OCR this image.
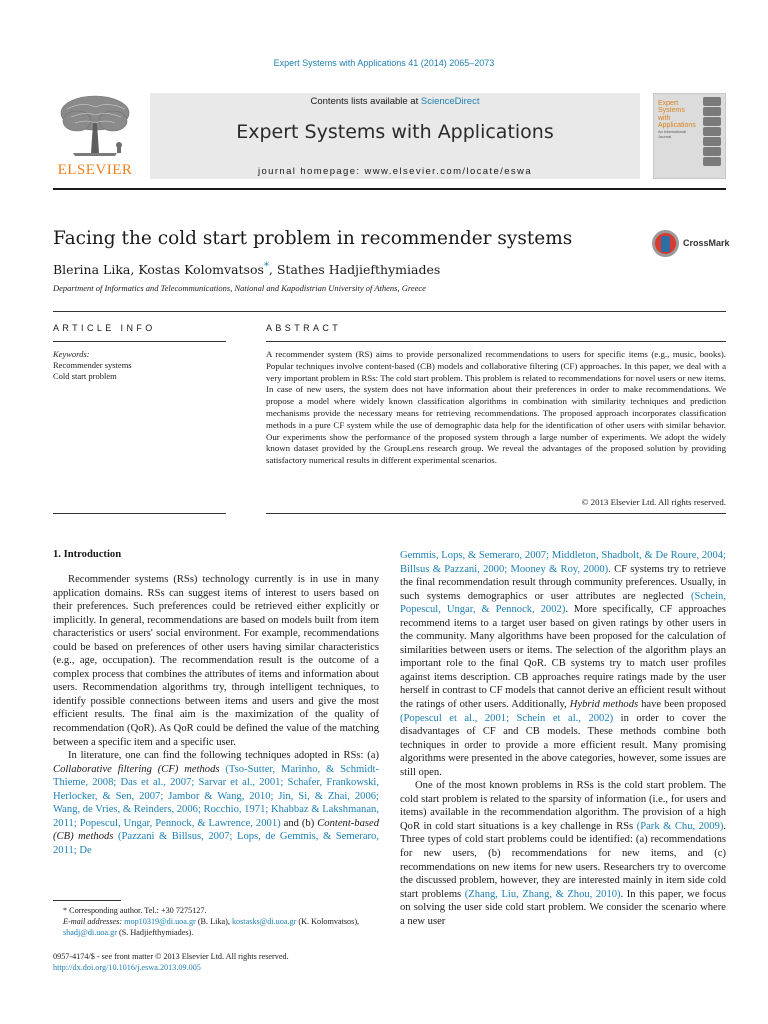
Expert Systems with Applications 41 (2014) 2065–2073
ELSEVIER
Contents lists available at ScienceDirect
Expert Systems with Applications
journal homepage: www.elsevier.com/locate/eswa
Expert Systems with Applications
An International Journal
Facing the cold start problem in recommender systems	CrossMark
Blerina Lika, Kostas Kolomvatsos*, Stathes Hadjiefthymiades
Department of Informatics and Telecommunications, National and Kapodistrian University of Athens, Greece
ARTICLE INFO	ABSTRACT
Keywords:
Recommender systems
Cold start problem
A recommender system (RS) aims to provide personalized recommendations to users for specific items (e.g., music, books). Popular techniques involve content-based (CB) models and collaborative filtering (CF) approaches. In this paper, we deal with a very important problem in RSs: The cold start problem. This problem is related to recommendations for novel users or new items. In case of new users, the system does not have information about their preferences in order to make recommendations. We propose a model where widely known classification algorithms in combination with similarity techniques and prediction mechanisms provide the necessary means for retrieving recommendations. The proposed approach incorporates classification methods in a pure CF system while the use of demographic data help for the identification of other users with similar behavior. Our experiments show the performance of the proposed system through a large number of experiments. We adopt the widely known dataset provided by the GroupLens research group. We reveal the advantages of the proposed solution by providing satisfactory numerical results in different experimental scenarios.
© 2013 Elsevier Ltd. All rights reserved.
1. Introduction

Recommender systems (RSs) technology currently is in use in many application domains. RSs can suggest items of interest to users based on their preferences. Such preferences could be retrieved either explicitly or implicitly. In general, recommendations are based on models built from item characteristics or users' social environment. For example, recommendations could be based on preferences of other users having similar characteristics (e.g., age, occupation). The recommendation result is the outcome of a complex process that combines the attributes of items and information about users. Recommendation algorithms try, through intelligent techniques, to identify possible connections between items and users and give the most efficient results. The final aim is the maximization of the quality of recommendation (QoR). As QoR could be defined the value of the matching between a specific item and a specific user.

In literature, one can find the following techniques adopted in RSs: (a) Collaborative filtering (CF) methods (Tso-Sutter, Marinho, & Schmidt-Thieme, 2008; Das et al., 2007; Sarvar et al., 2001; Schafer, Frankowski, Herlocker, & Sen, 2007; Jambor & Wang, 2010; Jin, Si, & Zhai, 2006; Wang, de Vries, & Reinders, 2006; Rocchio, 1971; Khabbaz & Lakshmanan, 2011; Popescul, Ungar, Pennock, & Lawrence, 2001) and (b) Content-based (CB) methods (Pazzani & Billsus, 2007; Lops, de Gemmis, & Semeraro, 2011; De

Gemmis, Lops, & Semeraro, 2007; Middleton, Shadbolt, & De Roure, 2004; Billsus & Pazzani, 2000; Mooney & Roy, 2000). CF systems try to retrieve the final recommendation result through community preferences. Usually, in such systems demographics or user attributes are neglected (Schein, Popescul, Ungar, & Pennock, 2002). More specifically, CF approaches recommend items to a target user based on given ratings by other users in the community. Many algorithms have been proposed for the calculation of similarities between users or items. The selection of the algorithm plays an important role to the final QoR. CB systems try to match user profiles against items description. CB approaches require ratings made by the user herself in contrast to CF models that cannot derive an efficient result without the ratings of other users. Additionally, Hybrid methods have been proposed (Popescul et al., 2001; Schein et al., 2002) in order to cover the disadvantages of CF and CB models. These methods combine both techniques in order to provide a more efficient result. Many promising algorithms were presented in the above categories, however, some issues are still open.

One of the most known problems in RSs is the cold start problem. The cold start problem is related to the sparsity of information (i.e., for users and items) available in the recommendation algorithm. The provision of a high QoR in cold start situations is a key challenge in RSs (Park & Chu, 2009). Three types of cold start problems could be identified: (a) recommendations for new users, (b) recommendations for new items, and (c) recommendations on new items for new users. Researchers try to overcome the discussed problem, however, they are interested mainly in item side cold start problems (Zhang, Liu, Zhang, & Zhou, 2010). In this paper, we focus on solving the user side cold start problem. We consider the scenario where a new user

* Corresponding author. Tel.: +30 7275127.
E-mail addresses: mop10319@di.uoa.gr (B. Lika), kostasks@di.uoa.gr (K. Kolomvatsos), shadj@di.uoa.gr (S. Hadjiefthymiades).
0957-4174/$ - see front matter © 2013 Elsevier Ltd. All rights reserved.
http://dx.doi.org/10.1016/j.eswa.2013.09.005
